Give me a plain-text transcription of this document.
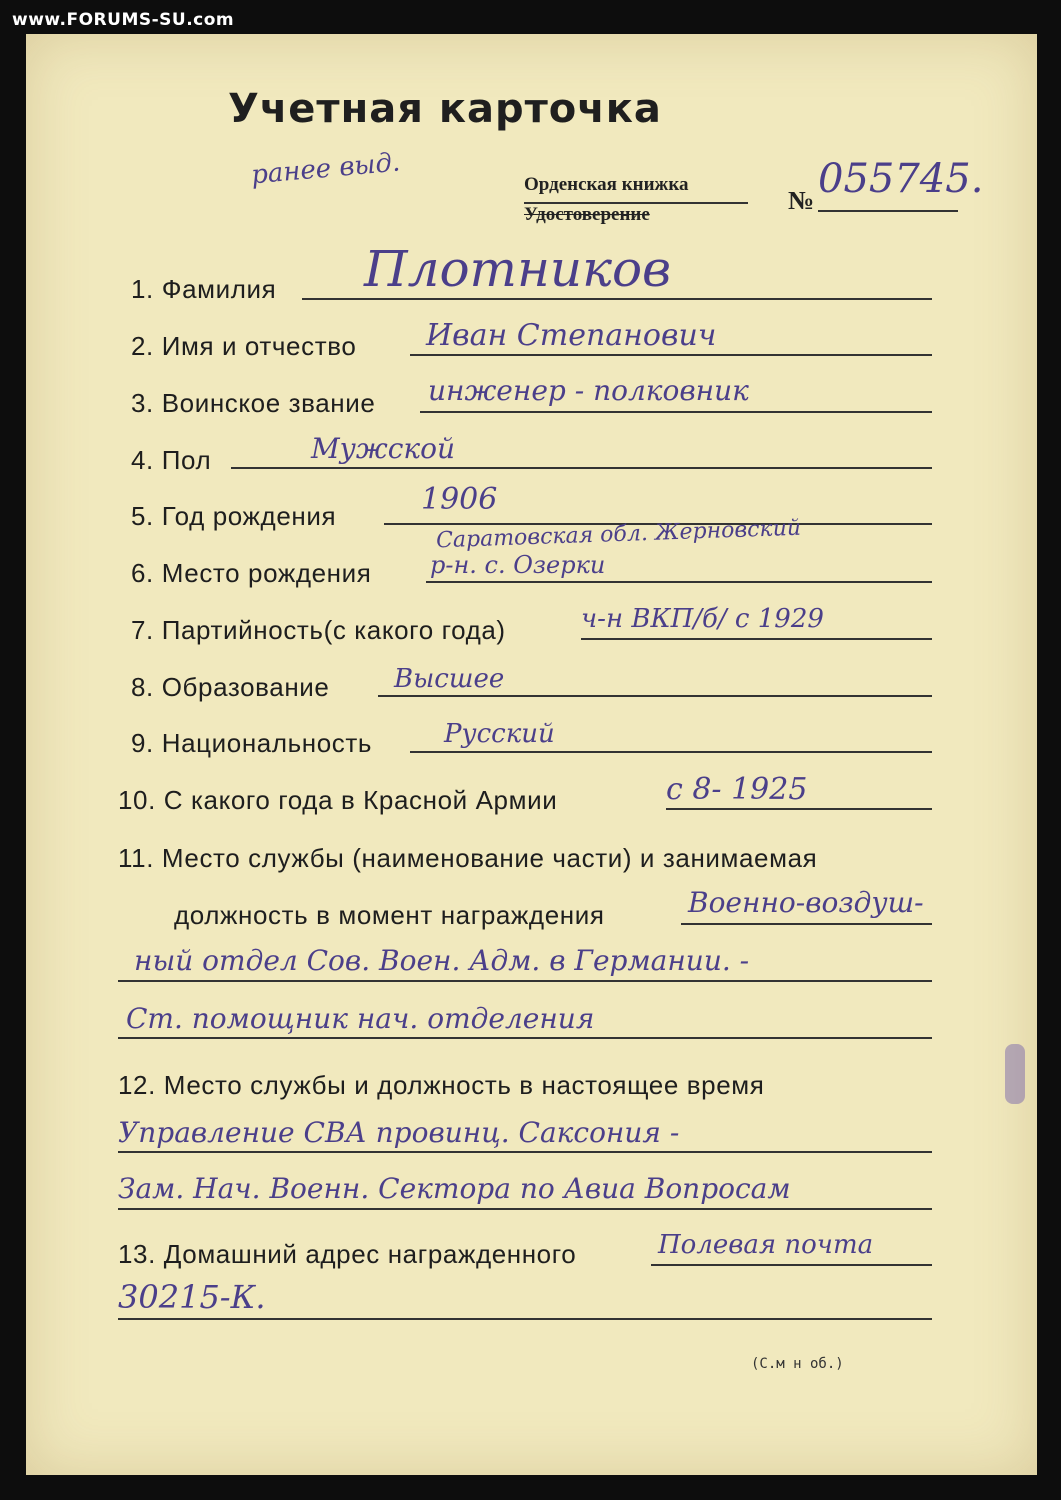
www.FORUMS-SU.com
Учетная карточка
ранее выд.	Орденская книжка
Удостоверение	№ 055745.
1. Фамилия Плотников
2. Имя и отчество Иван Степанович
3. Воинское звание инженер - полковник
4. Пол	Мужской
5. Год рождения	1906
Саратовская обл. Жерновский
6. Место рождения р-н. с. Озерки
7. Партийность(с какого года)	ч-н ВКП/б/ с 1929
8. Образование Высшее
9. Национальность	Русский
10. С какого года в Красной Армии	с 8- 1925
11. Место службы (наименование части) и занимаемая
должность в момент награждения	Военно-воздуш-
ный отдел Сов. Воен. Адм. в Германии. -
Ст. помощник нач. отделения
12. Место службы и должность в настоящее время
Управление СВА провинц. Саксония -
Зам. Нач. Военн. Сектора по Авиа Вопросам
13. Домашний адрес награжденного	Полевая почта
30215-К.
(С.м н об.)
